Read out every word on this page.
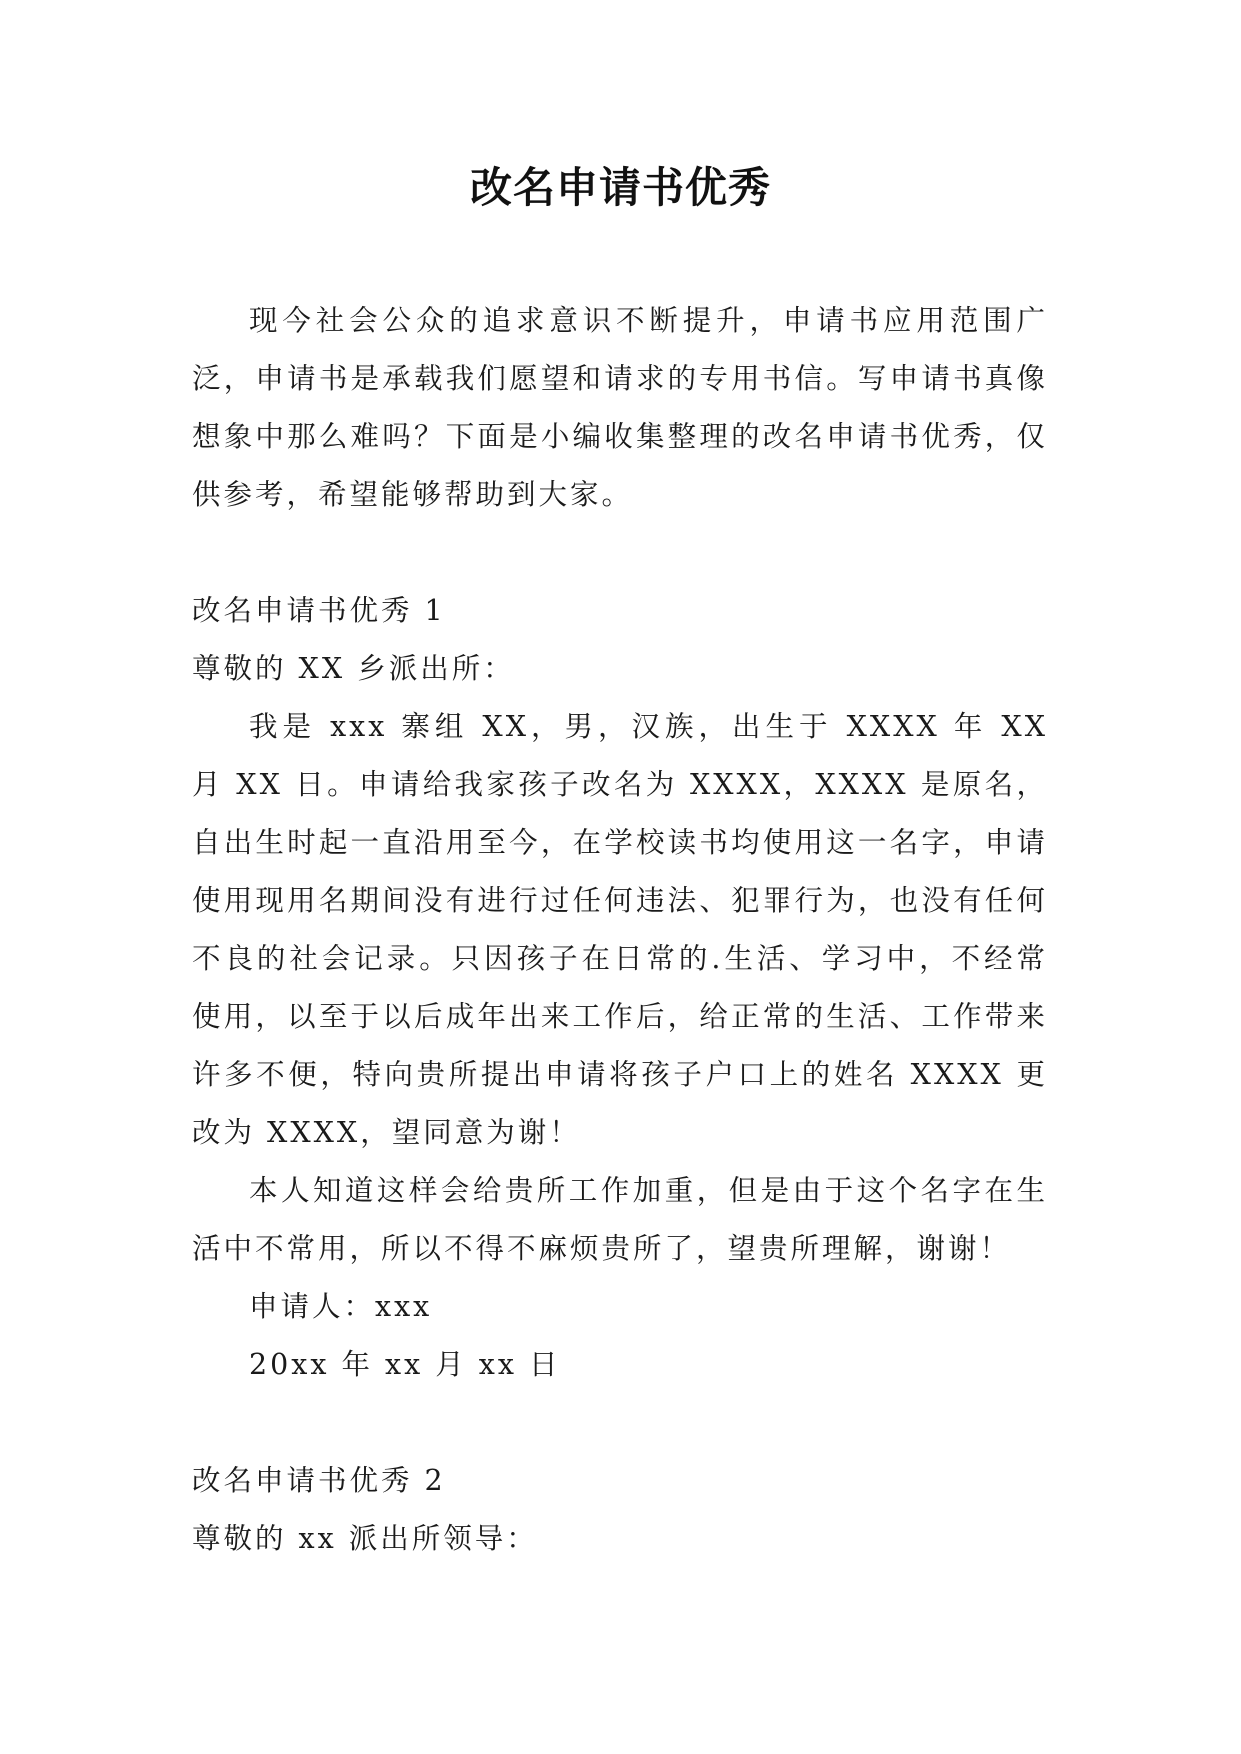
改名申请书优秀

现今社会公众的追求意识不断提升，申请书应用范围广泛，申请书是承载我们愿望和请求的专用书信。写申请书真像想象中那么难吗？下面是小编收集整理的改名申请书优秀，仅供参考，希望能够帮助到大家。

改名申请书优秀 1

尊敬的 XX 乡派出所：

我是 xxx 寨组 XX，男，汉族，出生于 XXXX 年 XX 月 XX 日。申请给我家孩子改名为 XXXX，XXXX 是原名，自出生时起一直沿用至今，在学校读书均使用这一名字，申请使用现用名期间没有进行过任何违法、犯罪行为，也没有任何不良的社会记录。只因孩子在日常的.生活、学习中，不经常使用，以至于以后成年出来工作后，给正常的生活、工作带来许多不便，特向贵所提出申请将孩子户口上的姓名 XXXX 更改为 XXXX，望同意为谢！

本人知道这样会给贵所工作加重，但是由于这个名字在生活中不常用，所以不得不麻烦贵所了，望贵所理解，谢谢！

申请人：xxx

20xx 年 xx 月 xx 日

改名申请书优秀 2

尊敬的 xx 派出所领导：
